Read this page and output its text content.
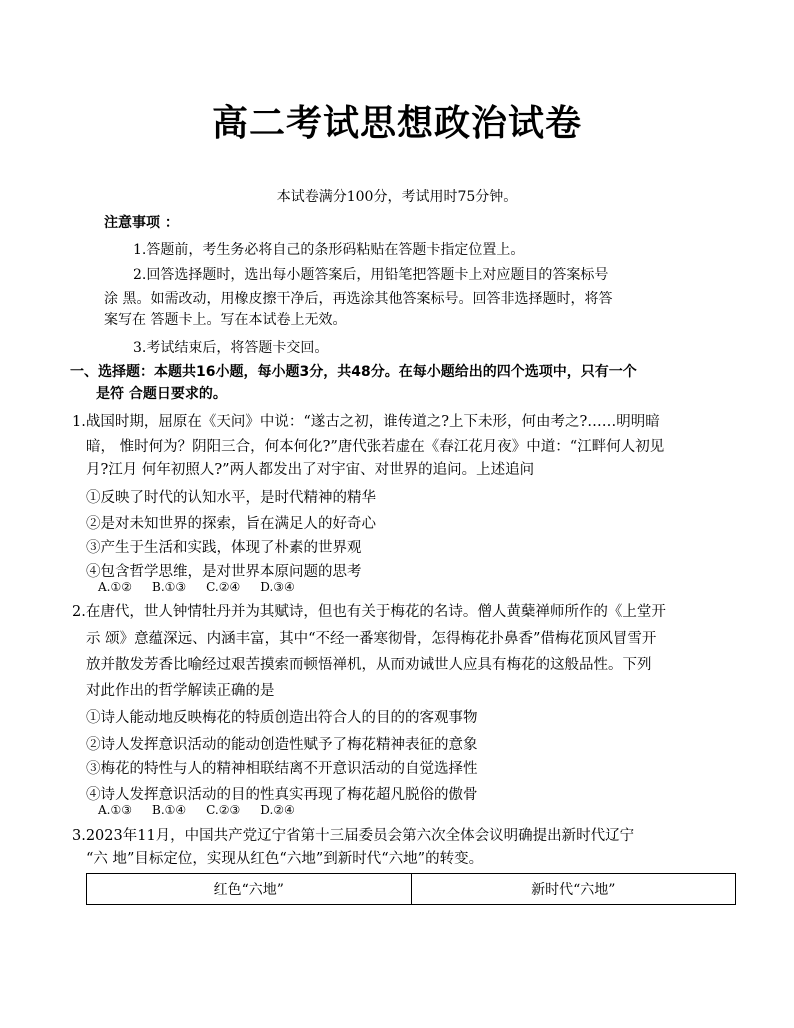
高二考试思想政治试卷
本试卷满分100分，考试用时75分钟。
注意事项 ：
1.答题前，考生务必将自己的条形码粘贴在答题卡指定位置上。
2.回答选择题时，选出每小题答案后，用铅笔把答题卡上对应题目的答案标号
涂 黑。如需改动，用橡皮擦干净后，再选涂其他答案标号。回答非选择题时，将答
案写在 答题卡上。写在本试卷上无效。
3.考试结束后，将答题卡交回。
一、选择题：本题共16小题，每小题3分，共48分。在每小题给出的四个选项中，只有一个
是符 合题日要求的。
1.战国时期，屈原在《天问》中说：“遂古之初，谁传道之?上下未形，何由考之?……明明暗
暗， 惟时何为？阴阳三合，何本何化?”唐代张若虚在《春江花月夜》中道：“江畔何人初见
月?江月 何年初照人?”两人都发出了对宇宙、对世界的追问。上述追问
①反映了时代的认知水平，是时代精神的精华
②是对未知世界的探索，旨在满足人的好奇心
③产生于生活和实践，体现了朴素的世界观
④包含哲学思维，是对世界本原问题的思考
A.①② B.①③ C.②④ D.③④
2.在唐代，世人钟情牡丹并为其赋诗，但也有关于梅花的名诗。僧人黄蘖禅师所作的《上堂开
示 颂》意蕴深远、内涵丰富，其中“不经一番寒彻骨，怎得梅花扑鼻香”借梅花顶风冒雪开
放并散发芳香比喻经过艰苦摸索而顿悟禅机，从而劝诫世人应具有梅花的这般品性。下列
对此作出的哲学解读正确的是
①诗人能动地反映梅花的特质创造出符合人的目的的客观事物
②诗人发挥意识活动的能动创造性赋予了梅花精神表征的意象
③梅花的特性与人的精神相联结离不开意识活动的自觉选择性
④诗人发挥意识活动的目的性真实再现了梅花超凡脱俗的傲骨
A.①③ B.①④ C.②③ D.②④
3.2023年11月，中国共产党辽宁省第十三届委员会第六次全体会议明确提出新时代辽宁
“六 地”目标定位，实现从红色“六地”到新时代“六地”的转变。
红色“六地”	新时代“六地”
